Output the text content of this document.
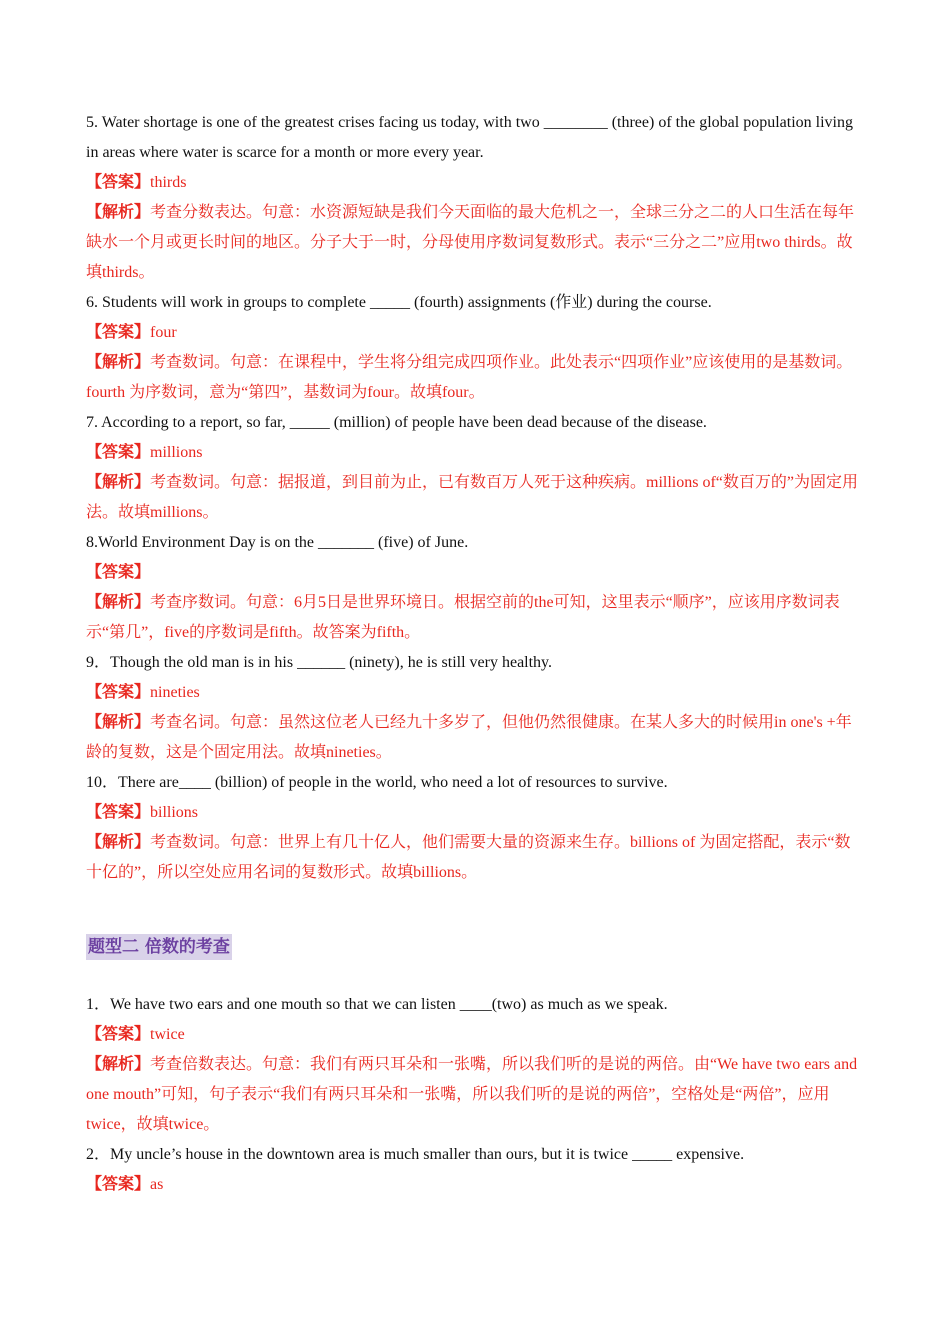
5. Water shortage is one of the greatest crises facing us today, with two ________ (three) of the global population living in areas where water is scarce for a month or more every year.
【答案】thirds
【解析】考查分数表达。句意：水资源短缺是我们今天面临的最大危机之一，全球三分之二的人口生活在每年缺水一个月或更长时间的地区。分子大于一时，分母使用序数词复数形式。表示“三分之二”应用two thirds。故填thirds。
6. Students will work in groups to complete _____ (fourth) assignments (作业) during the course.
【答案】four
【解析】考查数词。句意：在课程中，学生将分组完成四项作业。此处表示“四项作业”应该使用的是基数词。fourth 为序数词，意为“第四”，基数词为four。故填four。
7. According to a report, so far, _____ (million) of people have been dead because of the disease.
【答案】millions
【解析】考查数词。句意：据报道，到目前为止，已有数百万人死于这种疾病。millions of“数百万的”为固定用法。故填millions。
8.World Environment Day is on the _______ (five) of June.
【答案】
【解析】考查序数词。句意：6月5日是世界环境日。根据空前的the可知，这里表示“顺序”，应该用序数词表示“第几”，five的序数词是fifth。故答案为fifth。
9．Though the old man is in his ______ (ninety), he is still very healthy.
【答案】nineties
【解析】考查名词。句意：虽然这位老人已经九十多岁了，但他仍然很健康。在某人多大的时候用in one's +年龄的复数，这是个固定用法。故填nineties。
10．There are____ (billion) of people in the world, who need a lot of resources to survive.
【答案】billions
【解析】考查数词。句意：世界上有几十亿人，他们需要大量的资源来生存。billions of 为固定搭配，表示“数十亿的”，所以空处应用名词的复数形式。故填billions。
题型二 倍数的考查
1．We have two ears and one mouth so that we can listen ____(two) as much as we speak.
【答案】twice
【解析】考查倍数表达。句意：我们有两只耳朵和一张嘴，所以我们听的是说的两倍。由“We have two ears and one mouth”可知，句子表示“我们有两只耳朵和一张嘴，所以我们听的是说的两倍”，空格处是“两倍”，应用twice，故填twice。
2．My uncle’s house in the downtown area is much smaller than ours, but it is twice _____ expensive.
【答案】as
